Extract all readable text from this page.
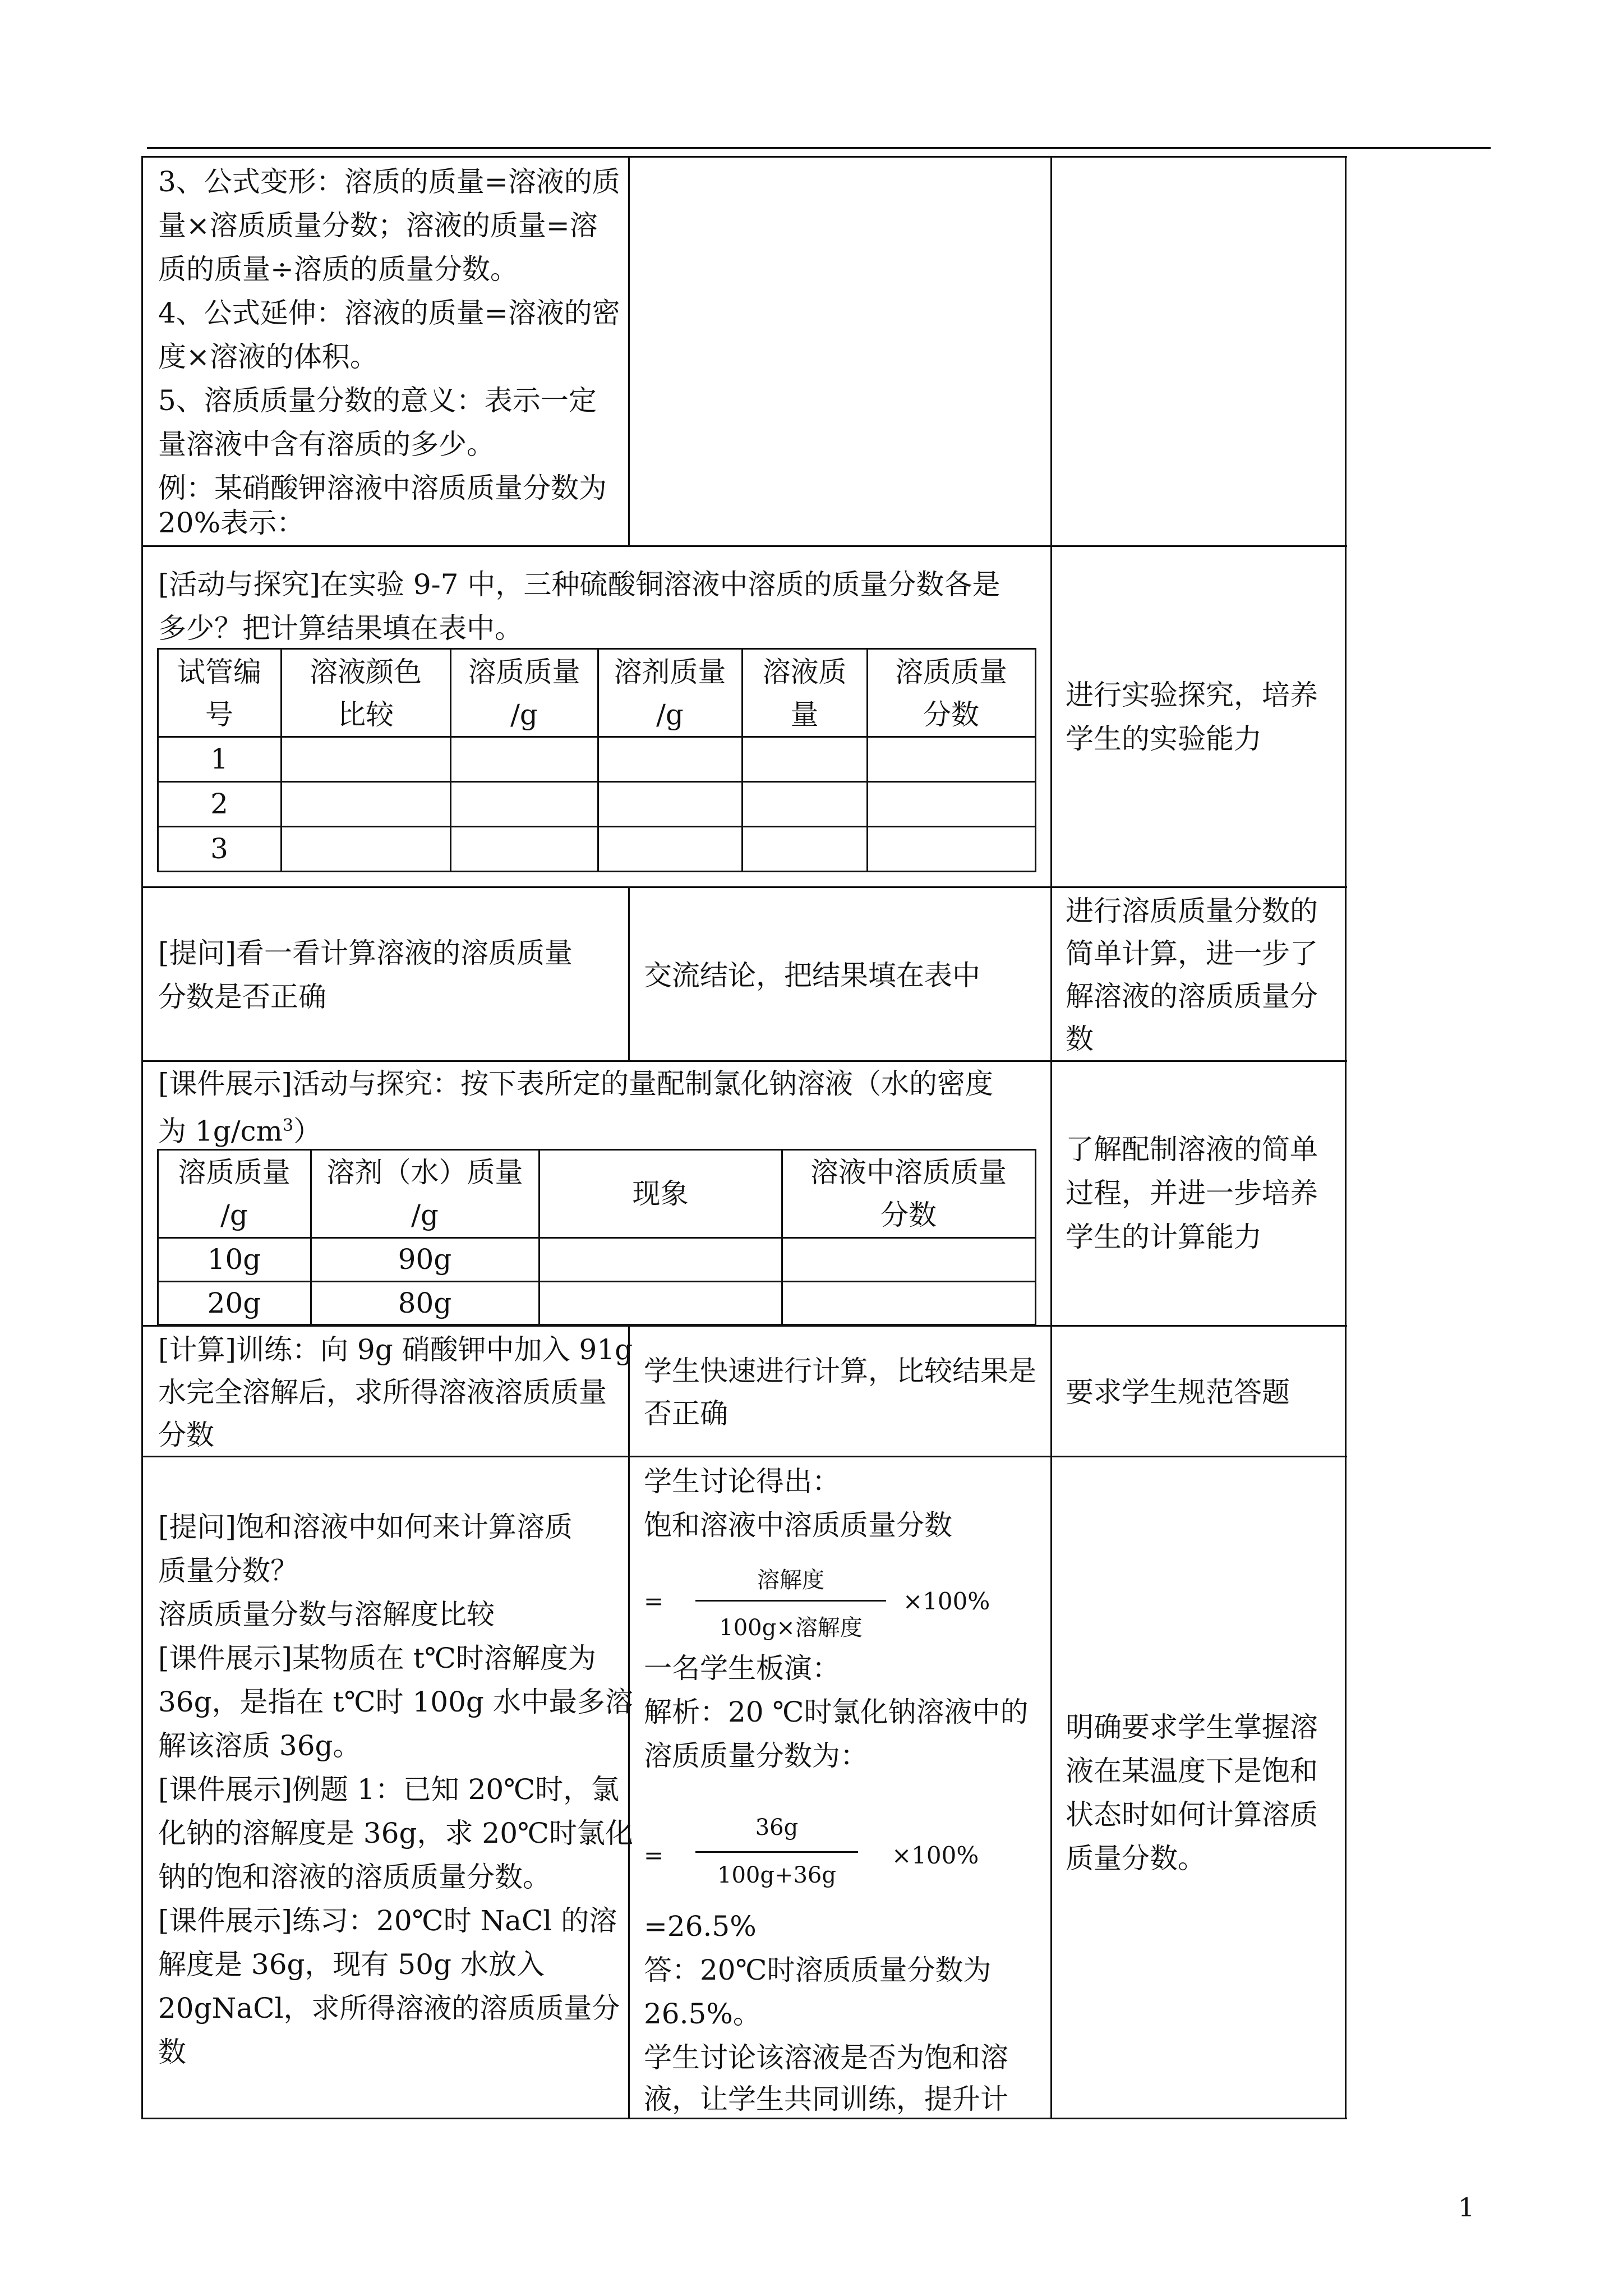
3、公式变形：溶质的质量=溶液的质
量×溶质质量分数；溶液的质量=溶
质的质量÷溶质的质量分数。
4、公式延伸：溶液的质量=溶液的密
度×溶液的体积。
5、溶质质量分数的意义：表示一定
量溶液中含有溶质的多少。
例：某硝酸钾溶液中溶质质量分数为
20%表示：
[活动与探究]在实验 9-7 中，三种硫酸铜溶液中溶质的质量分数各是
多少？把计算结果填在表中。
试管编
号
溶液颜色
比较
溶质质量
/g
溶剂质量
/g
溶液质
量
溶质质量
分数
1
2
3
进行实验探究，培养
学生的实验能力
[提问]看一看计算溶液的溶质质量
分数是否正确
交流结论，把结果填在表中
进行溶质质量分数的
简单计算，进一步了
解溶液的溶质质量分
数
[课件展示]活动与探究：按下表所定的量配制氯化钠溶液（水的密度
为 $1g/cm^3$）
溶质质量
/g
溶剂（水）质量
/g
现象
溶液中溶质质量
分数
10g	90g
20g	80g
了解配制溶液的简单
过程，并进一步培养
学生的计算能力
[计算]训练：向 9g 硝酸钾中加入 91g
水完全溶解后，求所得溶液溶质质量
分数
学生快速进行计算，比较结果是
否正确
要求学生规范答题
[提问]饱和溶液中如何来计算溶质
质量分数？
溶质质量分数与溶解度比较
[课件展示]某物质在 t℃时溶解度为
36g，是指在 t℃时 100g 水中最多溶
解该溶质 36g。
[课件展示]例题 1：已知 20℃时，氯
化钠的溶解度是 36g，求 20℃时氯化
钠的饱和溶液的溶质质量分数。
[课件展示]练习：20℃时 NaCl 的溶
解度是 36g，现有 50g 水放入
20gNaCl，求所得溶液的溶质质量分
数
学生讨论得出：
饱和溶液中溶质质量分数
=
溶解度
100g×溶解度
×100%
一名学生板演：
解析：20 ℃时氯化钠溶液中的
溶质质量分数为：
=
36g
100g+36g
×100%
=26.5%
答：20℃时溶质质量分数为
26.5%。
学生讨论该溶液是否为饱和溶
液，让学生共同训练，提升计
明确要求学生掌握溶
液在某温度下是饱和
状态时如何计算溶质
质量分数。
1
